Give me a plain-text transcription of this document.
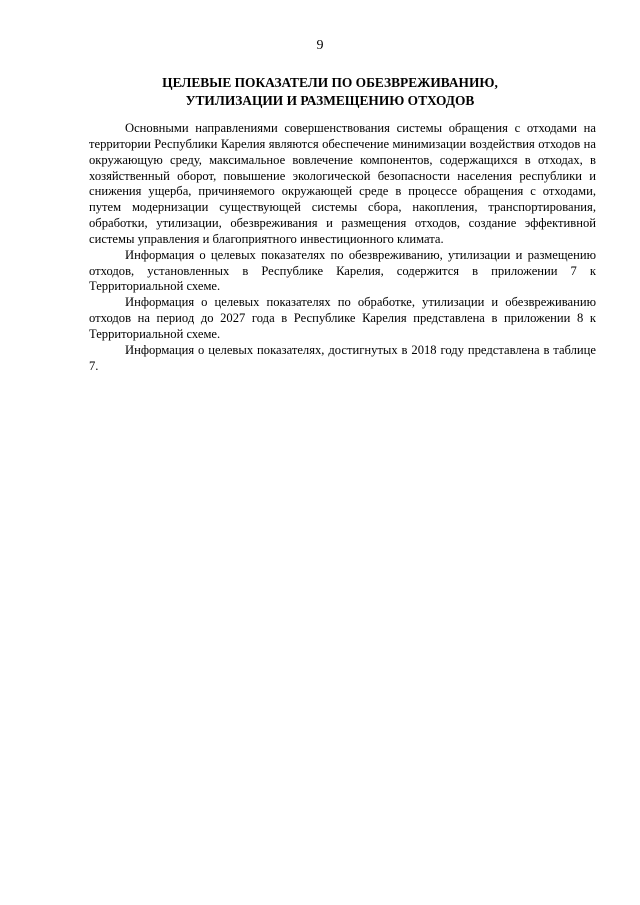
9
ЦЕЛЕВЫЕ ПОКАЗАТЕЛИ ПО ОБЕЗВРЕЖИВАНИЮ,
УТИЛИЗАЦИИ И РАЗМЕЩЕНИЮ ОТХОДОВ

Основными направлениями совершенствования системы обращения с отходами на территории Республики Карелия являются обеспечение минимизации воздействия отходов на окружающую среду, максимальное вовлечение компонентов, содержащихся в отходах, в хозяйственный оборот, повышение экологической безопасности населения республики и снижения ущерба, причиняемого окружающей среде в процессе обращения с отходами, путем модернизации существующей системы сбора, накопления, транспортирования, обработки, утилизации, обезвреживания и размещения отходов, создание эффективной системы управления и благоприятного инвестиционного климата.

Информация о целевых показателях по обезвреживанию, утилизации и размещению отходов, установленных в Республике Карелия, содержится в приложении 7 к Территориальной схеме.

Информация о целевых показателях по обработке, утилизации и обезвреживанию отходов на период до 2027 года в Республике Карелия представлена в приложении 8 к Территориальной схеме.

Информация о целевых показателях, достигнутых в 2018 году представлена в таблице 7.
